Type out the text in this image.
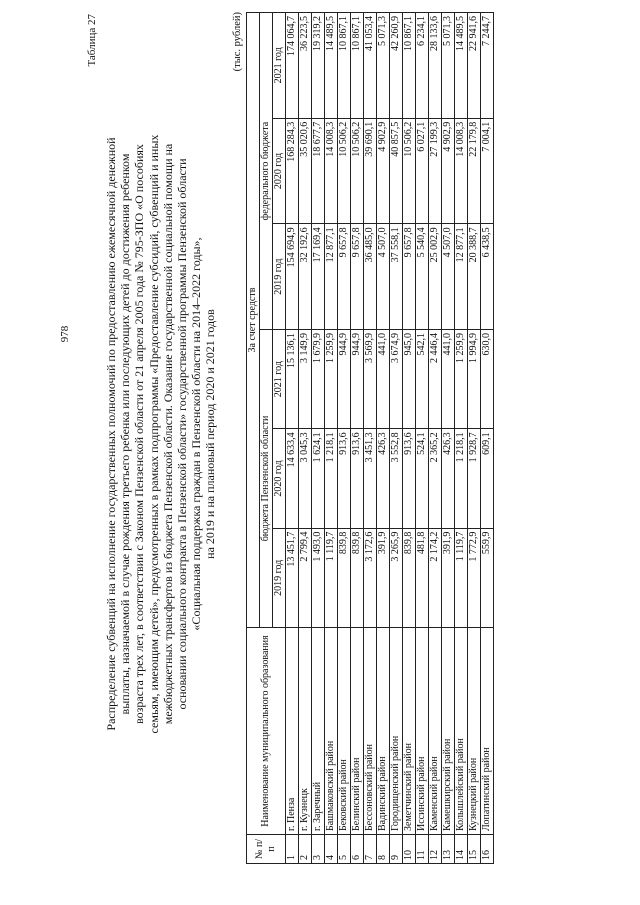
978
Таблица 27
Распределение субвенций на исполнение государственных полномочий по предоставлению ежемесячной денежной выплаты, назначаемой в случае рождения третьего ребенка или последующих детей до достижения ребенком возраста трех лет, в соответствии с Законом Пензенской области от 21 апреля 2005 года № 795-ЗПО «О пособиях семьям, имеющим детей», предусмотренных в рамках подпрограммы «Предоставление субсидий, субвенций и иных межбюджетных трансфертов из бюджета Пензенской области. Оказание государственной социальной помощи на основании социального контракта в Пензенской области» государственной программы Пензенской области «Социальная поддержка граждан в Пензенской области на 2014–2022 годы», на 2019 и на плановый период 2020 и 2021 годов
(тыс. рублей)
№ п/п	Наименование муниципального образования	За счет средств					
		бюджета Пензенской области			федерального бюджета		
		2019 год	2020 год	2021 год	2019 год	2020 год	2021 год
1	г. Пенза	13 451,7	14 633,4	15 136,1	154 694,9	168 284,3	174 064,7
2	г. Кузнецк	2 799,4	3 045,3	3 149,9	32 192,6	35 020,6	36 223,5
3	г. Заречный	1 493,0	1 624,1	1 679,9	17 169,4	18 677,7	19 319,2
4	Башмаковский район	1 119,7	1 218,1	1 259,9	12 877,1	14 008,3	14 489,5
5	Бековский район	839,8	913,6	944,9	9 657,8	10 506,2	10 867,1
6	Белинский район	839,8	913,6	944,9	9 657,8	10 506,2	10 867,1
7	Бессоновский район	3 172,6	3 451,3	3 569,9	36 485,0	39 690,1	41 053,4
8	Вадинский район	391,9	426,3	441,0	4 507,0	4 902,9	5 071,3
9	Городищенский район	3 265,9	3 552,8	3 674,9	37 558,1	40 857,5	42 260,9
10	Земетчинский район	839,8	913,6	945,0	9 657,8	10 506,2	10 867,1
11	Иссинский район	481,8	524,1	542,1	5 540,4	6 027,1	6 234,1
12	Каменский район	2 174,2	2 365,2	2 446,4	25 002,9	27 199,3	28 133,6
13	Камешкирский район	391,9	426,3	441,0	4 507,0	4 902,9	5 071,3
14	Колышлейский район	1 119,7	1 218,1	1 259,9	12 877,1	14 008,3	14 489,5
15	Кузнецкий район	1 772,9	1 928,7	1 994,9	20 388,7	22 179,8	22 941,6
16	Лопатинский район	559,9	609,1	630,0	6 438,5	7 004,1	7 244,7
